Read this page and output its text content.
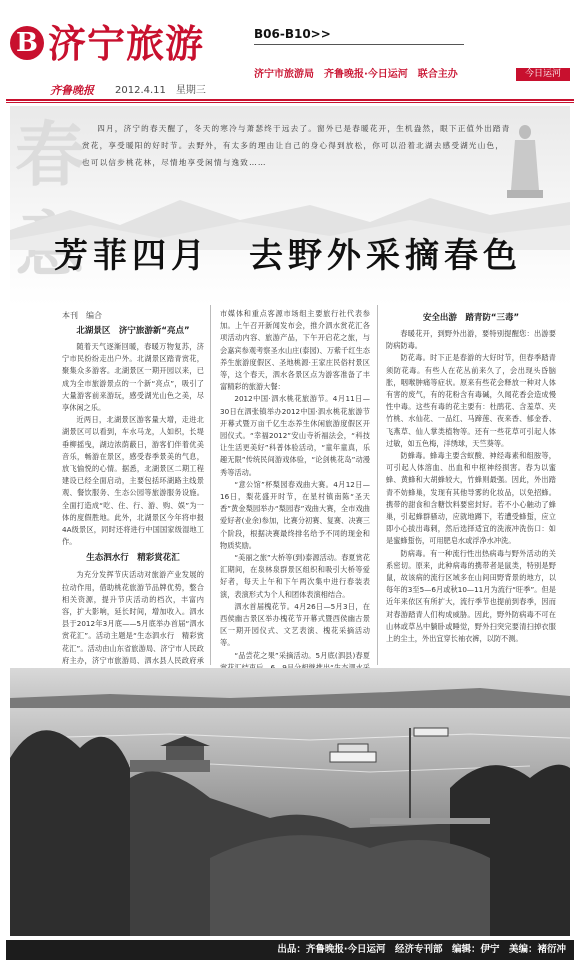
B 济宁旅游	B06-B10>>
济宁市旅游局　齐鲁晚报·今日运河　联合主办	今日运河
齐鲁晚报 2012.4.11　星期三
春	四月，济宁的春天醒了，冬天的寒冷与萧瑟终于远去了。窗外已是春暖花开，生机盎然，眼下正值外出踏青赏花，享受暖阳的好时节。去野外，有太多的理由让自己的身心得到放松，你可以沿着北湖去感受湖光山色，也可以信步桃花林，尽情地享受闲情与逸致……
芳菲四月　去野外采摘春色
本刊　编合
北湖景区　济宁旅游新“亮点”

随着天气逐渐回暖，春暖万物复苏，济宁市民纷纷走出户外。北湖景区踏青赏花，聚集众多游客。北湖景区一期开园以来，已成为全市旅游景点的一个新“亮点”，吸引了大量游客前来游玩，感受湖光山色之美，尽享休闲之乐。

近两日，北湖景区游客量大增，走进北湖景区可以看到，车水马龙，人如织，长堤垂柳摇曳，湖边浓荫蔽日，游客们伴着优美音乐，畅游在景区，感受春季景美的气息，放飞愉悦的心情。据悉，北湖景区二期工程建设已经全面启动，主要包括环湖路主线景观、餐饮服务、生态公园等旅游服务设施。全面打造成“吃、住、行、游、购、娱”为一体的度假胜地。此外，北湖景区今年将申报4A级景区，同时还将进行中国国家级湿地工作。

生态泗水行　精彩赏花汇

为充分发挥节庆活动对旅游产业发展的拉动作用，借助桃花旅游节品牌优势，整合相关资源，提升节庆活动的档次，丰富内容，扩大影响，延长时间，增加收入。泗水县于2012年3月底——5月底举办首届“泗水赏花汇”。活动主题是“生态泗水行　精彩赏花汇”。活动由山东省旅游局、济宁市人民政府主办，济宁市旅游局、泗水县人民政府承

市媒体和重点客源市场组主要旅行社代表参加。上午召开新闻发布会，推介泗水赏花汇各项活动内容、旅游产品，下午开启花之旅，与会嘉宾参观考察圣水山庄(泰园)、万紫千红生态养生旅游度假区、圣地桃源·王家庄民俗村景区等，这个春天，泗水各景区点为游客准备了丰富精彩的旅游大餐：

2012中国·泗水桃花旅游节。4月11日—30日在泗张镇举办2012中国·泗水桃花旅游节开幕式暨万亩千亿生态养生休闲旅游度假区开园仪式。“幸福2012”安山寺祈福法会，“科技让生活更美好”科普体验活动，“童年童真，乐趣无限”传统民间游戏体验，“论剑桃花岛”动漫秀等活动。

“意公馆”杯梨园春戏曲大赛。4月12日—16日，梨花盛开时节，在星村镇南陈“圣天香”黄金梨园举办“梨园春”戏曲大赛，全市戏曲爱好者(业余)参加，比赛分初赛、复赛、决赛三个阶段，根据决赛最终排名给予不同的现金和物质奖励。

“美丽之旅”大桥等(到)泰源活动。春夏赏花汇期间，在泉林泉群景区组织和吸引大桥等爱好者，每天上午和下午两次集中进行春装表演，表演形式为个人和团体表演相结合。

泗水首届槐花节。4月26日—5月3日，在西侯幽古景区举办槐花节开幕式暨西侯幽古景区一期开园仪式、文艺表演、槐花采摘活动等。

“品尝花之果”采摘活动。5月底(泗县)春夏

安全出游　踏青防“三毒”

春暖花开，到野外出游，要特别提醒您：出游要防病防毒。

防花毒。时下正是春游的大好时节，但春季踏青须防花毒。有些人在花丛前来久了，会出现头昏脑胀，咽喉肿痛等症状。原来有些花会释放一种对人体有害的废气，有的花粉含有毒碱，久闻花香会造成慢性中毒。这些有毒的花主要有：杜鹃花、含羞草、夹竹桃、水仙花、一品红、马蹄莲、夜来香、郁金香、飞燕草、仙人掌类植物等。还有一些花草可引起人体过敏，如五色梅，洋绣球，天竺葵等。

防蜂毒。蜂毒主要含蚁酸、神经毒素和组胺等，可引起人体溶血、出血和中枢神经损害。春为以蜜蜂、黄蜂和大胡蜂较大，竹蜂则最强。因此，外出踏青不妨蜂巢，发现有其他导雾的化妆品，以免招蜂。携带的甜食和含糖饮料要密封好。若不小心触动了蜂巢，引起蜂群骚动，应就地蹲下，若遭受蜂蜇，应立即小心拔出毒刺，然后选择适宜的洗液冲洗伤口：如是蜜蜂蜇伤，可用肥皂水或浮净水冲洗。

防病毒。有一种流行性出热病毒与野外活动的关系密切。原来，此种病毒的携带者是鼠类，特别是野鼠，故该病的流行区域多在山间田野背景的地方，以每年的3至5—6月或秋10—11月为流行“旺季”。但是近年来依区有所扩大，流行季节也提前到春季，因而对春游踏青人们构成威胁。因此，野外防病毒不可在山林或草丛中躺卧或睡觉，野外扫突完要清扫掉衣服上的尘土，外出宜穿长袖衣裤，以防不测。

出品：齐鲁晚报·今日运河　经济专刊部　编辑：伊宁　美编：褚衍冲
